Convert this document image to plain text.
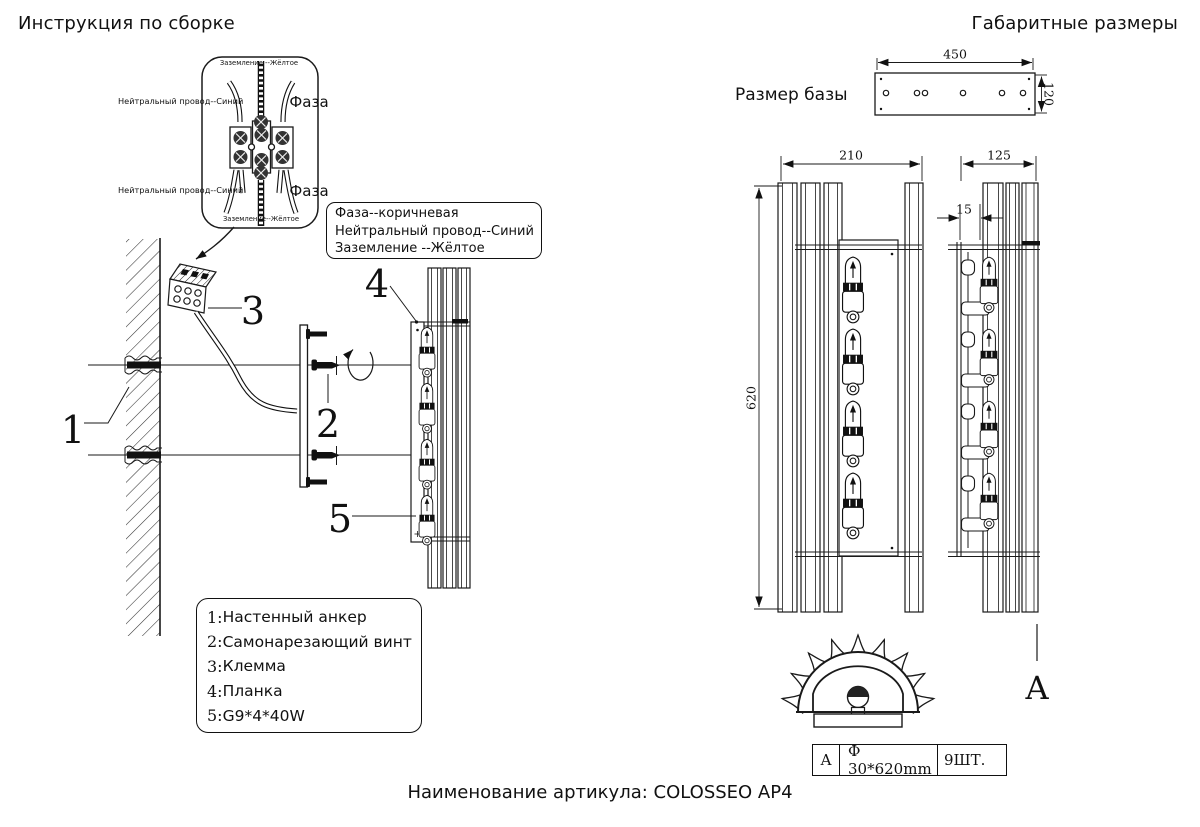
1
Заземление --Жёлтое
Нейтральный провод--Синий	Фаза
Нейтральный провод--Синий	Фаза
Заземление--Жёлтое
3
2
4
5
450
120
210
620
125
15
A
Инструкция по сборке	Габаритные размеры
Размер базы
Фаза--коричневая
Нейтральный провод--Синий
Заземление --Жёлтое
1: Настенный анкер
2: Самонарезающий винт
3: Клемма
4: Планка
5: G9*4*40W
A	Ф 30*620mm 9ШТ.
Наименование артикула: COLOSSEO AP4
